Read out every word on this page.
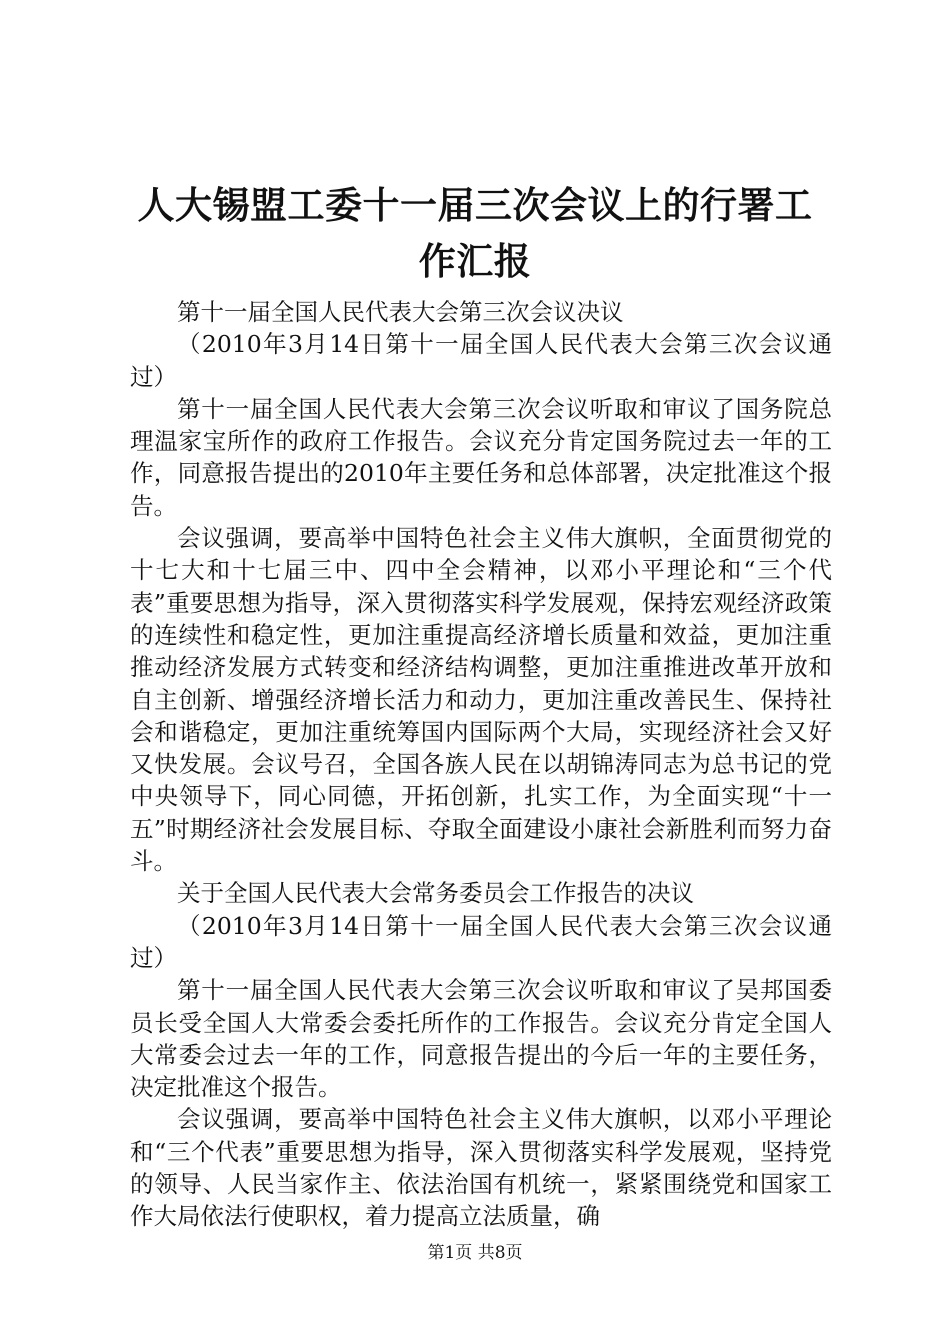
人大锡盟工委十一届三次会议上的行署工作汇报

第十一届全国人民代表大会第三次会议决议

（2010年3月14日第十一届全国人民代表大会第三次会议通过）

第十一届全国人民代表大会第三次会议听取和审议了国务院总理温家宝所作的政府工作报告。会议充分肯定国务院过去一年的工作，同意报告提出的2010年主要任务和总体部署，决定批准这个报告。

会议强调，要高举中国特色社会主义伟大旗帜，全面贯彻党的十七大和十七届三中、四中全会精神，以邓小平理论和“三个代表”重要思想为指导，深入贯彻落实科学发展观，保持宏观经济政策的连续性和稳定性，更加注重提高经济增长质量和效益，更加注重推动经济发展方式转变和经济结构调整，更加注重推进改革开放和自主创新、增强经济增长活力和动力，更加注重改善民生、保持社会和谐稳定，更加注重统筹国内国际两个大局，实现经济社会又好又快发展。会议号召，全国各族人民在以胡锦涛同志为总书记的党中央领导下，同心同德，开拓创新，扎实工作，为全面实现“十一五”时期经济社会发展目标、夺取全面建设小康社会新胜利而努力奋斗。

关于全国人民代表大会常务委员会工作报告的决议

（2010年3月14日第十一届全国人民代表大会第三次会议通过）

第十一届全国人民代表大会第三次会议听取和审议了吴邦国委员长受全国人大常委会委托所作的工作报告。会议充分肯定全国人大常委会过去一年的工作，同意报告提出的今后一年的主要任务，决定批准这个报告。

会议强调，要高举中国特色社会主义伟大旗帜，以邓小平理论和“三个代表”重要思想为指导，深入贯彻落实科学发展观，坚持党的领导、人民当家作主、依法治国有机统一，紧紧围绕党和国家工作大局依法行使职权，着力提高立法质量，确

第1页 共8页
